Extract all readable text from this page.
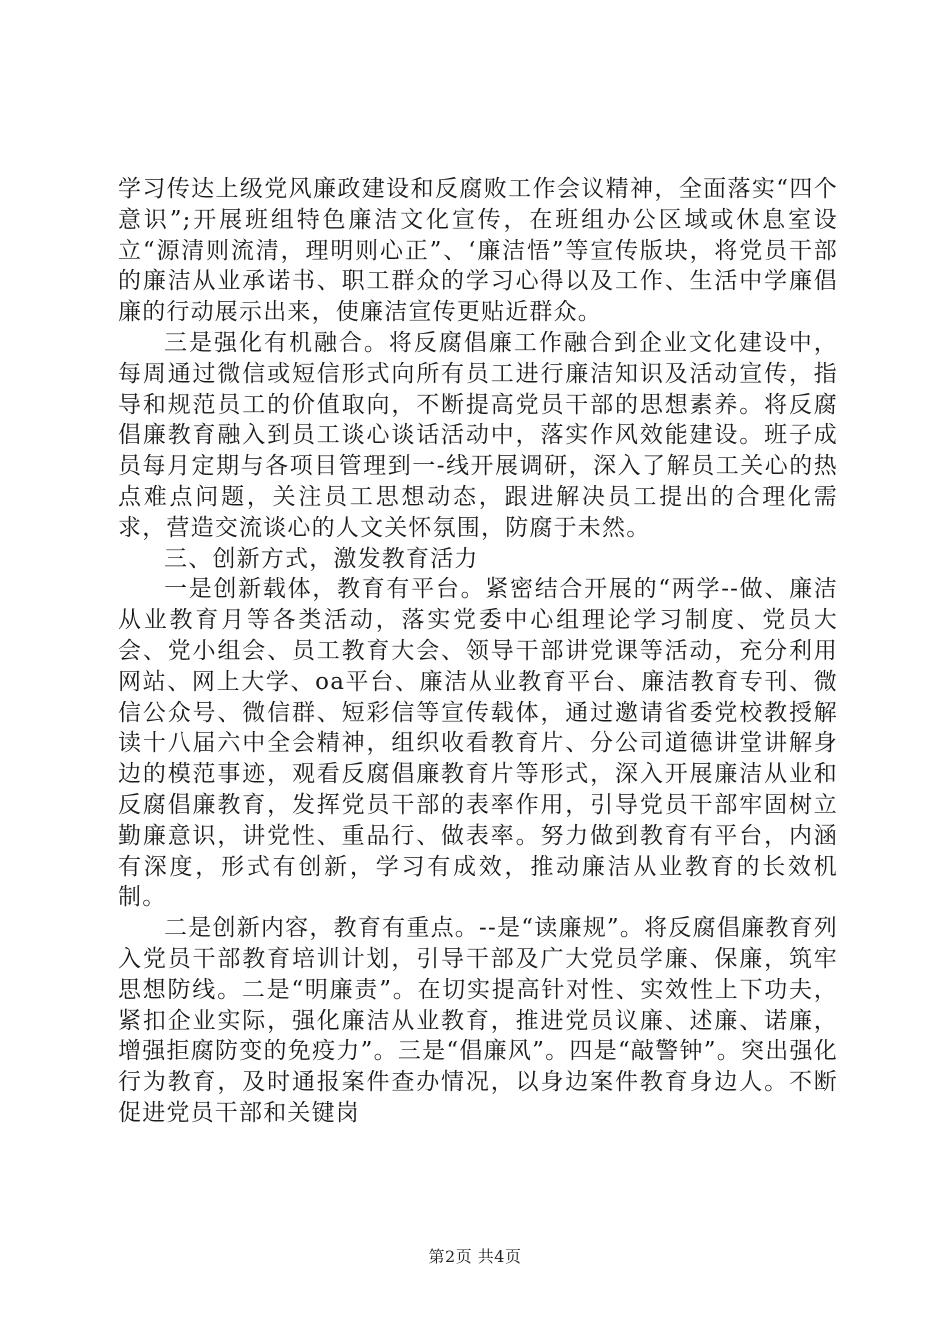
学习传达上级党风廉政建设和反腐败工作会议精神，全面落实“四个意识”;开展班组特色廉洁文化宣传，在班组办公区域或休息室设立“源清则流清，理明则心正”、‘廉洁悟”等宣传版块，将党员干部的廉洁从业承诺书、职工群众的学习心得以及工作、生活中学廉倡廉的行动展示出来，使廉洁宣传更贴近群众。

三是强化有机融合。将反腐倡廉工作融合到企业文化建设中，每周通过微信或短信形式向所有员工进行廉洁知识及活动宣传，指导和规范员工的价值取向，不断提高党员干部的思想素养。将反腐倡廉教育融入到员工谈心谈话活动中，落实作风效能建设。班子成员每月定期与各项目管理到一-线开展调研，深入了解员工关心的热点难点问题，关注员工思想动态，跟进解决员工提出的合理化需求，营造交流谈心的人文关怀氛围，防腐于未然。

三、创新方式，激发教育活力

一是创新载体，教育有平台。紧密结合开展的“两学--做、廉洁从业教育月等各类活动，落实党委中心组理论学习制度、党员大会、党小组会、员工教育大会、领导干部讲党课等活动，充分利用网站、网上大学、oa平台、廉洁从业教育平台、廉洁教育专刊、微信公众号、微信群、短彩信等宣传载体，通过邀请省委党校教授解读十八届六中全会精神，组织收看教育片、分公司道德讲堂讲解身边的模范事迹，观看反腐倡廉教育片等形式，深入开展廉洁从业和反腐倡廉教育，发挥党员干部的表率作用，引导党员干部牢固树立勤廉意识，讲党性、重品行、做表率。努力做到教育有平台，内涵有深度，形式有创新，学习有成效，推动廉洁从业教育的长效机制。

二是创新内容，教育有重点。--是“读廉规”。将反腐倡廉教育列入党员干部教育培训计划，引导干部及广大党员学廉、保廉，筑牢思想防线。二是“明廉责”。在切实提高针对性、实效性上下功夫，紧扣企业实际，强化廉洁从业教育，推进党员议廉、述廉、诺廉，增强拒腐防变的免疫力”。三是“倡廉风”。四是“敲警钟”。突出强化行为教育，及时通报案件查办情况，以身边案件教育身边人。不断促进党员干部和关键岗

第2页 共4页
